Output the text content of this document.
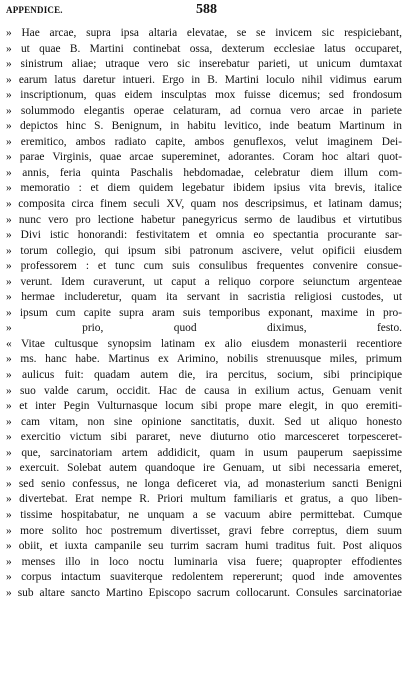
APPENDICE.	588
» Hae arcae, supra ipsa altaria elevatae, se se invicem sic respiciebant,
» ut quae B. Martini continebat ossa, dexterum ecclesiae latus occuparet,
» sinistrum aliae; utraque vero sic inserebatur parieti, ut unicum dumtaxat
» earum latus daretur intueri. Ergo in B. Martini loculo nihil vidimus earum
» inscriptionum, quas eidem insculptas mox fuisse dicemus; sed frondosum
» solummodo elegantis operae celaturam, ad cornua vero arcae in pariete
» depictos hinc S. Benignum, in habitu levitico, inde beatum Martinum in
» eremitico, ambos radiato capite, ambos genuflexos, velut imaginem Dei-
» parae Virginis, quae arcae supereminet, adorantes. Coram hoc altari quot-
» annis, feria quinta Paschalis hebdomadae, celebratur diem illum com-
» memoratio : et diem quidem legebatur ibidem ipsius vita brevis, italice
» composita circa finem seculi XV, quam nos descripsimus, et latinam damus;
» nunc vero pro lectione habetur panegyricus sermo de laudibus et virtutibus
» Divi istic honorandi: festivitatem et omnia eo spectantia procurante sar-
» torum collegio, qui ipsum sibi patronum asciverе, velut opificii eiusdem
» professorem : et tunc cum suis consulibus frequentes convenire consue-
» verunt. Idem curaverunt, ut caput a reliquo corpore seiunctum argenteae
» hermae includeretur, quam ita servant in sacristia religiosi custodes, ut
» ipsum cum capite supra aram suis temporibus exponant, maxime in pro-
» prio, quod diximus, festo.
« Vitae cultusque synopsim latinam ex alio eiusdem monasterii recentiore
» ms. hanc habe. Martinus ex Arimino, nobilis strenuusque miles, primum
» aulicus fuit: quadam autem die, ira percitus, socium, sibi principique
» suo valde carum, occidit. Hac de causa in exilium actus, Genuam venit
» et inter Pegin Vulturnasque locum sibi prope mare elegit, in quo eremiti-
» cam vitam, non sine opinione sanctitatis, duxit. Sed ut aliquo honesto
» exercitio victum sibi pararet, neve diuturno otio marcesceret torpesceret-
» que, sarcinatoriam artem addidicit, quam in usum pauperum saepissime
» exercuit. Solebat autem quandoque ire Genuam, ut sibi necessaria emeret,
» sed senio confessus, ne longa deficeret via, ad monasterium sancti Benigni
» divertebat. Erat nempe R. Priori multum familiaris et gratus, a quo liben-
» tissime hospitabatur, ne unquam a se vacuum abire permittebat. Cumque
» more solito hoc postremum divertisset, gravi febre correptus, diem suum
» obiit, et iuxta campanile seu turrim sacram humi traditus fuit. Post aliquos
» menses illo in loco noctu luminaria visa fuere; quapropter effodientes
» corpus intactum suaviterque redolentem repererunt; quod inde amoventes
» sub altare sancto Martino Episcopo sacrum collocarunt. Consules sarcinatoriae
